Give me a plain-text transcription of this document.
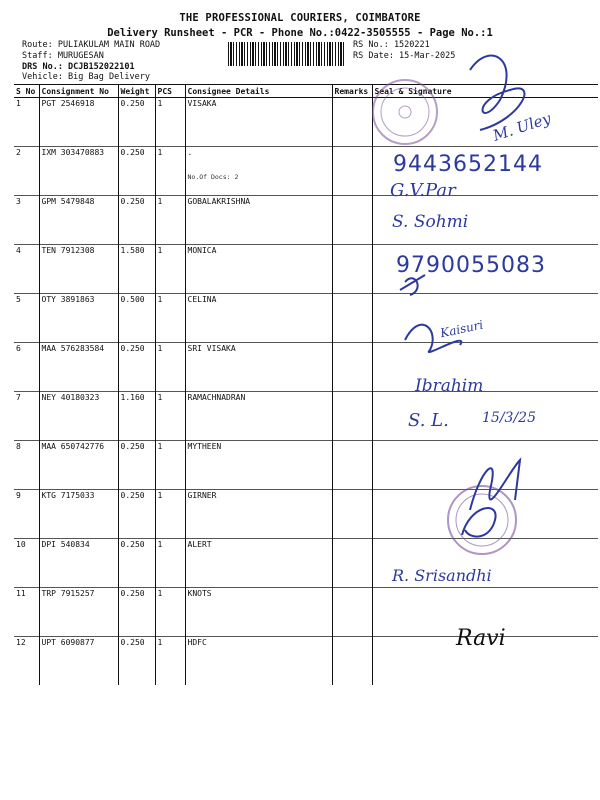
THE PROFESSIONAL COURIERS, COIMBATORE
Delivery Runsheet - PCR - Phone No.:0422-3505555 - Page No.:1
Route: PULIAKULAM MAIN ROAD
Staff: MURUGESAN
DRS No.: DCJB152022101
Vehicle: Big Bag Delivery
RS No.: 1520221
RS Date: 15-Mar-2025
S No	Consignment No	Weight	PCS	Consignee Details	Remarks	Seal & Signature
1	PGT 2546918	0.250	1	VISAKA		
2	IXM 303470883	0.250	1	.
No.Of Docs: 2		

3	GPM 5479848	0.250	1	GOBALAKRISHNA		
4	TEN 7912308	1.580	1	MONICA		
5	OTY 3891863	0.500	1	CELINA		
6	MAA 576283584	0.250	1	SRI VISAKA		
7	NEY 40180323	1.160	1	RAMACHNADRAN		
8	MAA 650742776	0.250	1	MYTHEEN		
9	KTG 7175033	0.250	1	GIRNER		
10	DPI 540834	0.250	1	ALERT		
11	TRP 7915257	0.250	1	KNOTS		
12	UPT 6090877	0.250	1	HDFC		
M. Uley
9443652144
G.V.Par
S. Sohmi
9790055083
Kaisuri
Ibrahim
S. L. 15/3/25
R. Srisandhi
Ravi
